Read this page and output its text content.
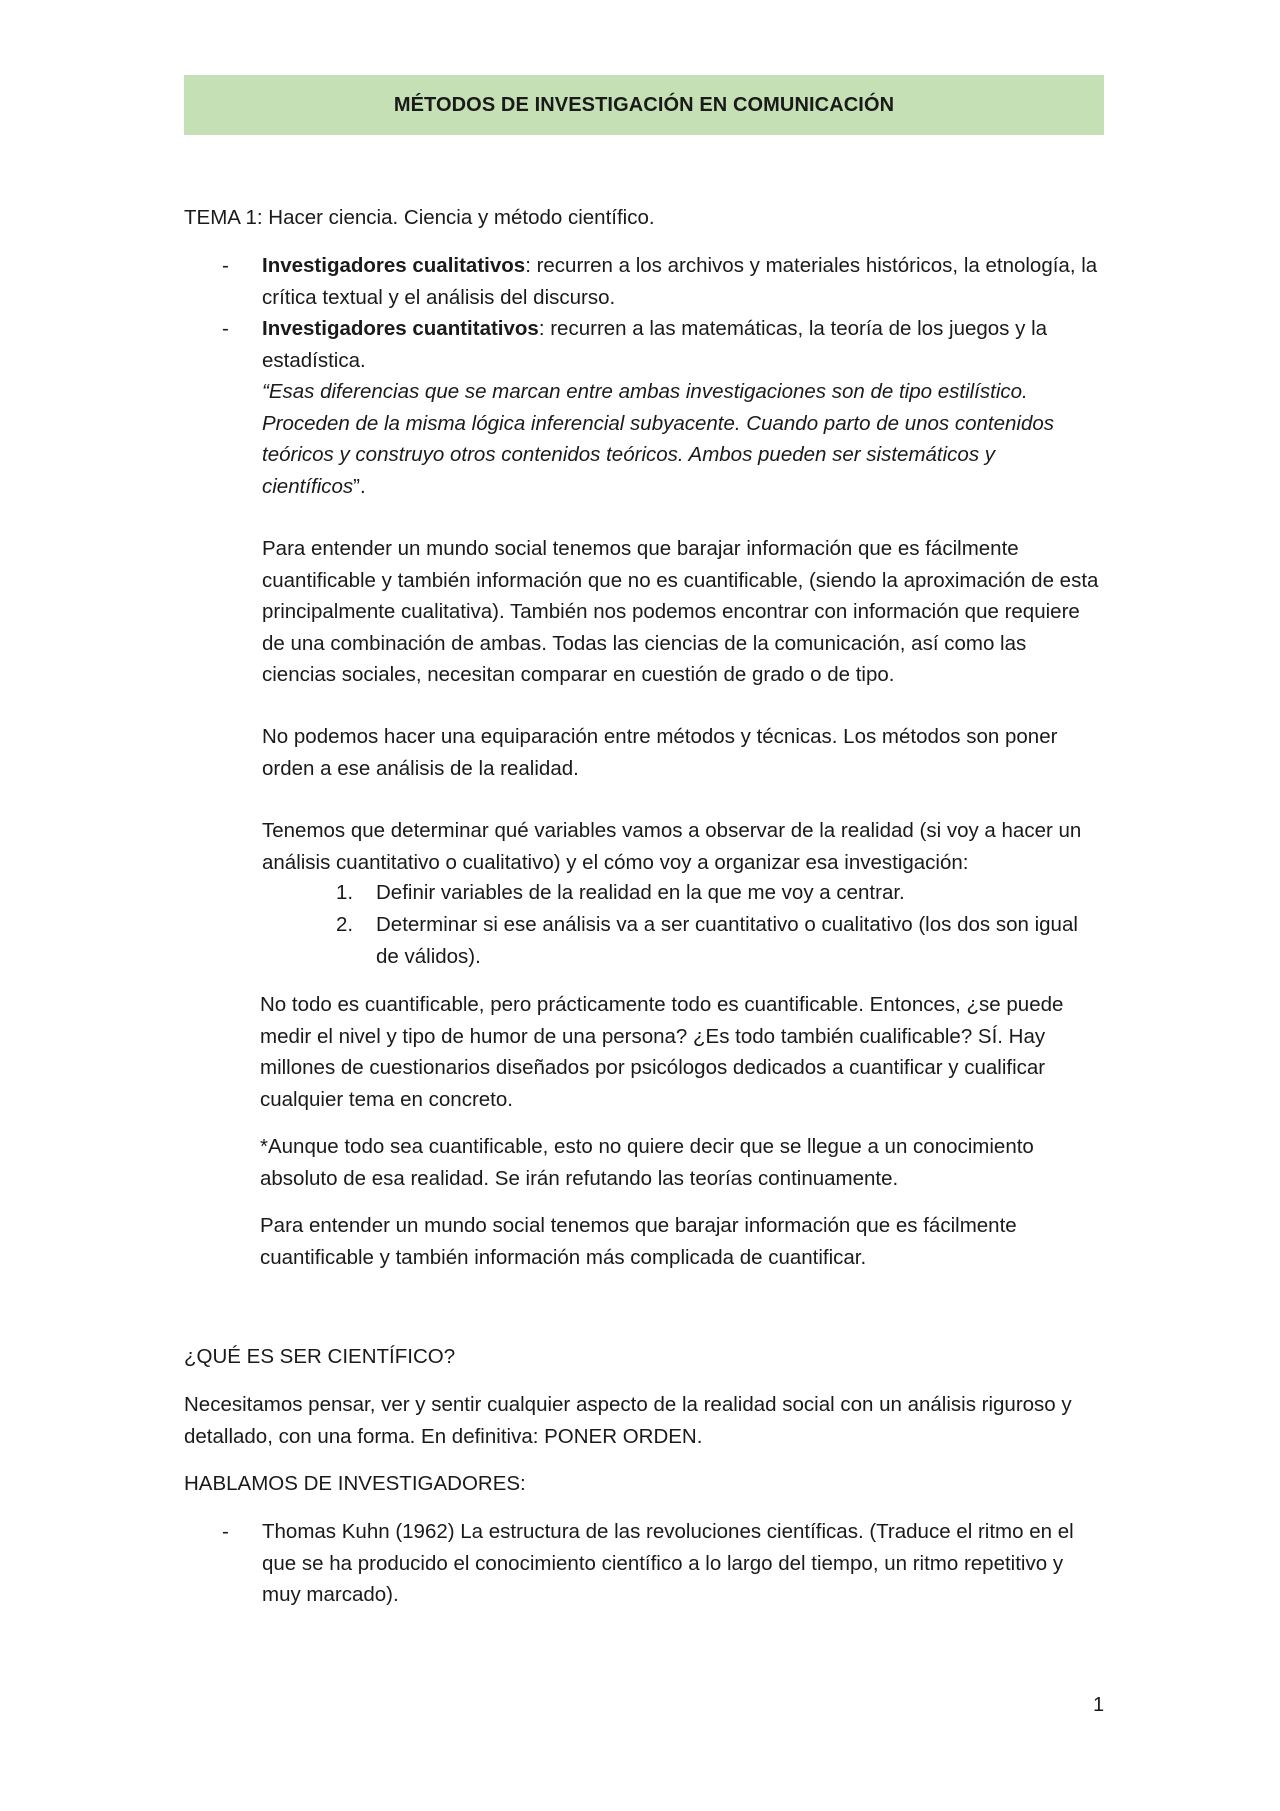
MÉTODOS DE INVESTIGACIÓN EN COMUNICACIÓN

TEMA 1: Hacer ciencia. Ciencia y método científico.

-	Investigadores cualitativos: recurren a los archivos y materiales históricos, la etnología, la crítica textual y el análisis del discurso.

-	Investigadores cuantitativos: recurren a las matemáticas, la teoría de los juegos y la estadística.

“Esas diferencias que se marcan entre ambas investigaciones son de tipo estilístico. Proceden de la misma lógica inferencial subyacente. Cuando parto de unos contenidos teóricos y construyo otros contenidos teóricos. Ambos pueden ser sistemáticos y científicos”.

Para entender un mundo social tenemos que barajar información que es fácilmente cuantificable y también información que no es cuantificable, (siendo la aproximación de esta principalmente cualitativa). También nos podemos encontrar con información que requiere de una combinación de ambas. Todas las ciencias de la comunicación, así como las ciencias sociales, necesitan comparar en cuestión de grado o de tipo.

No podemos hacer una equiparación entre métodos y técnicas. Los métodos son poner orden a ese análisis de la realidad.

Tenemos que determinar qué variables vamos a observar de la realidad (si voy a hacer un análisis cuantitativo o cualitativo) y el cómo voy a organizar esa investigación:

1. Definir variables de la realidad en la que me voy a centrar.

2. Determinar si ese análisis va a ser cuantitativo o cualitativo (los dos son igual de válidos).

No todo es cuantificable, pero prácticamente todo es cuantificable. Entonces, ¿se puede medir el nivel y tipo de humor de una persona? ¿Es todo también cualificable? SÍ. Hay millones de cuestionarios diseñados por psicólogos dedicados a cuantificar y cualificar cualquier tema en concreto.

*Aunque todo sea cuantificable, esto no quiere decir que se llegue a un conocimiento absoluto de esa realidad. Se irán refutando las teorías continuamente.

Para entender un mundo social tenemos que barajar información que es fácilmente cuantificable y también información más complicada de cuantificar.

¿QUÉ ES SER CIENTÍFICO?

Necesitamos pensar, ver y sentir cualquier aspecto de la realidad social con un análisis riguroso y detallado, con una forma. En definitiva: PONER ORDEN.

HABLAMOS DE INVESTIGADORES:

-	Thomas Kuhn (1962) La estructura de las revoluciones científicas. (Traduce el ritmo en el que se ha producido el conocimiento científico a lo largo del tiempo, un ritmo repetitivo y muy marcado).

1
